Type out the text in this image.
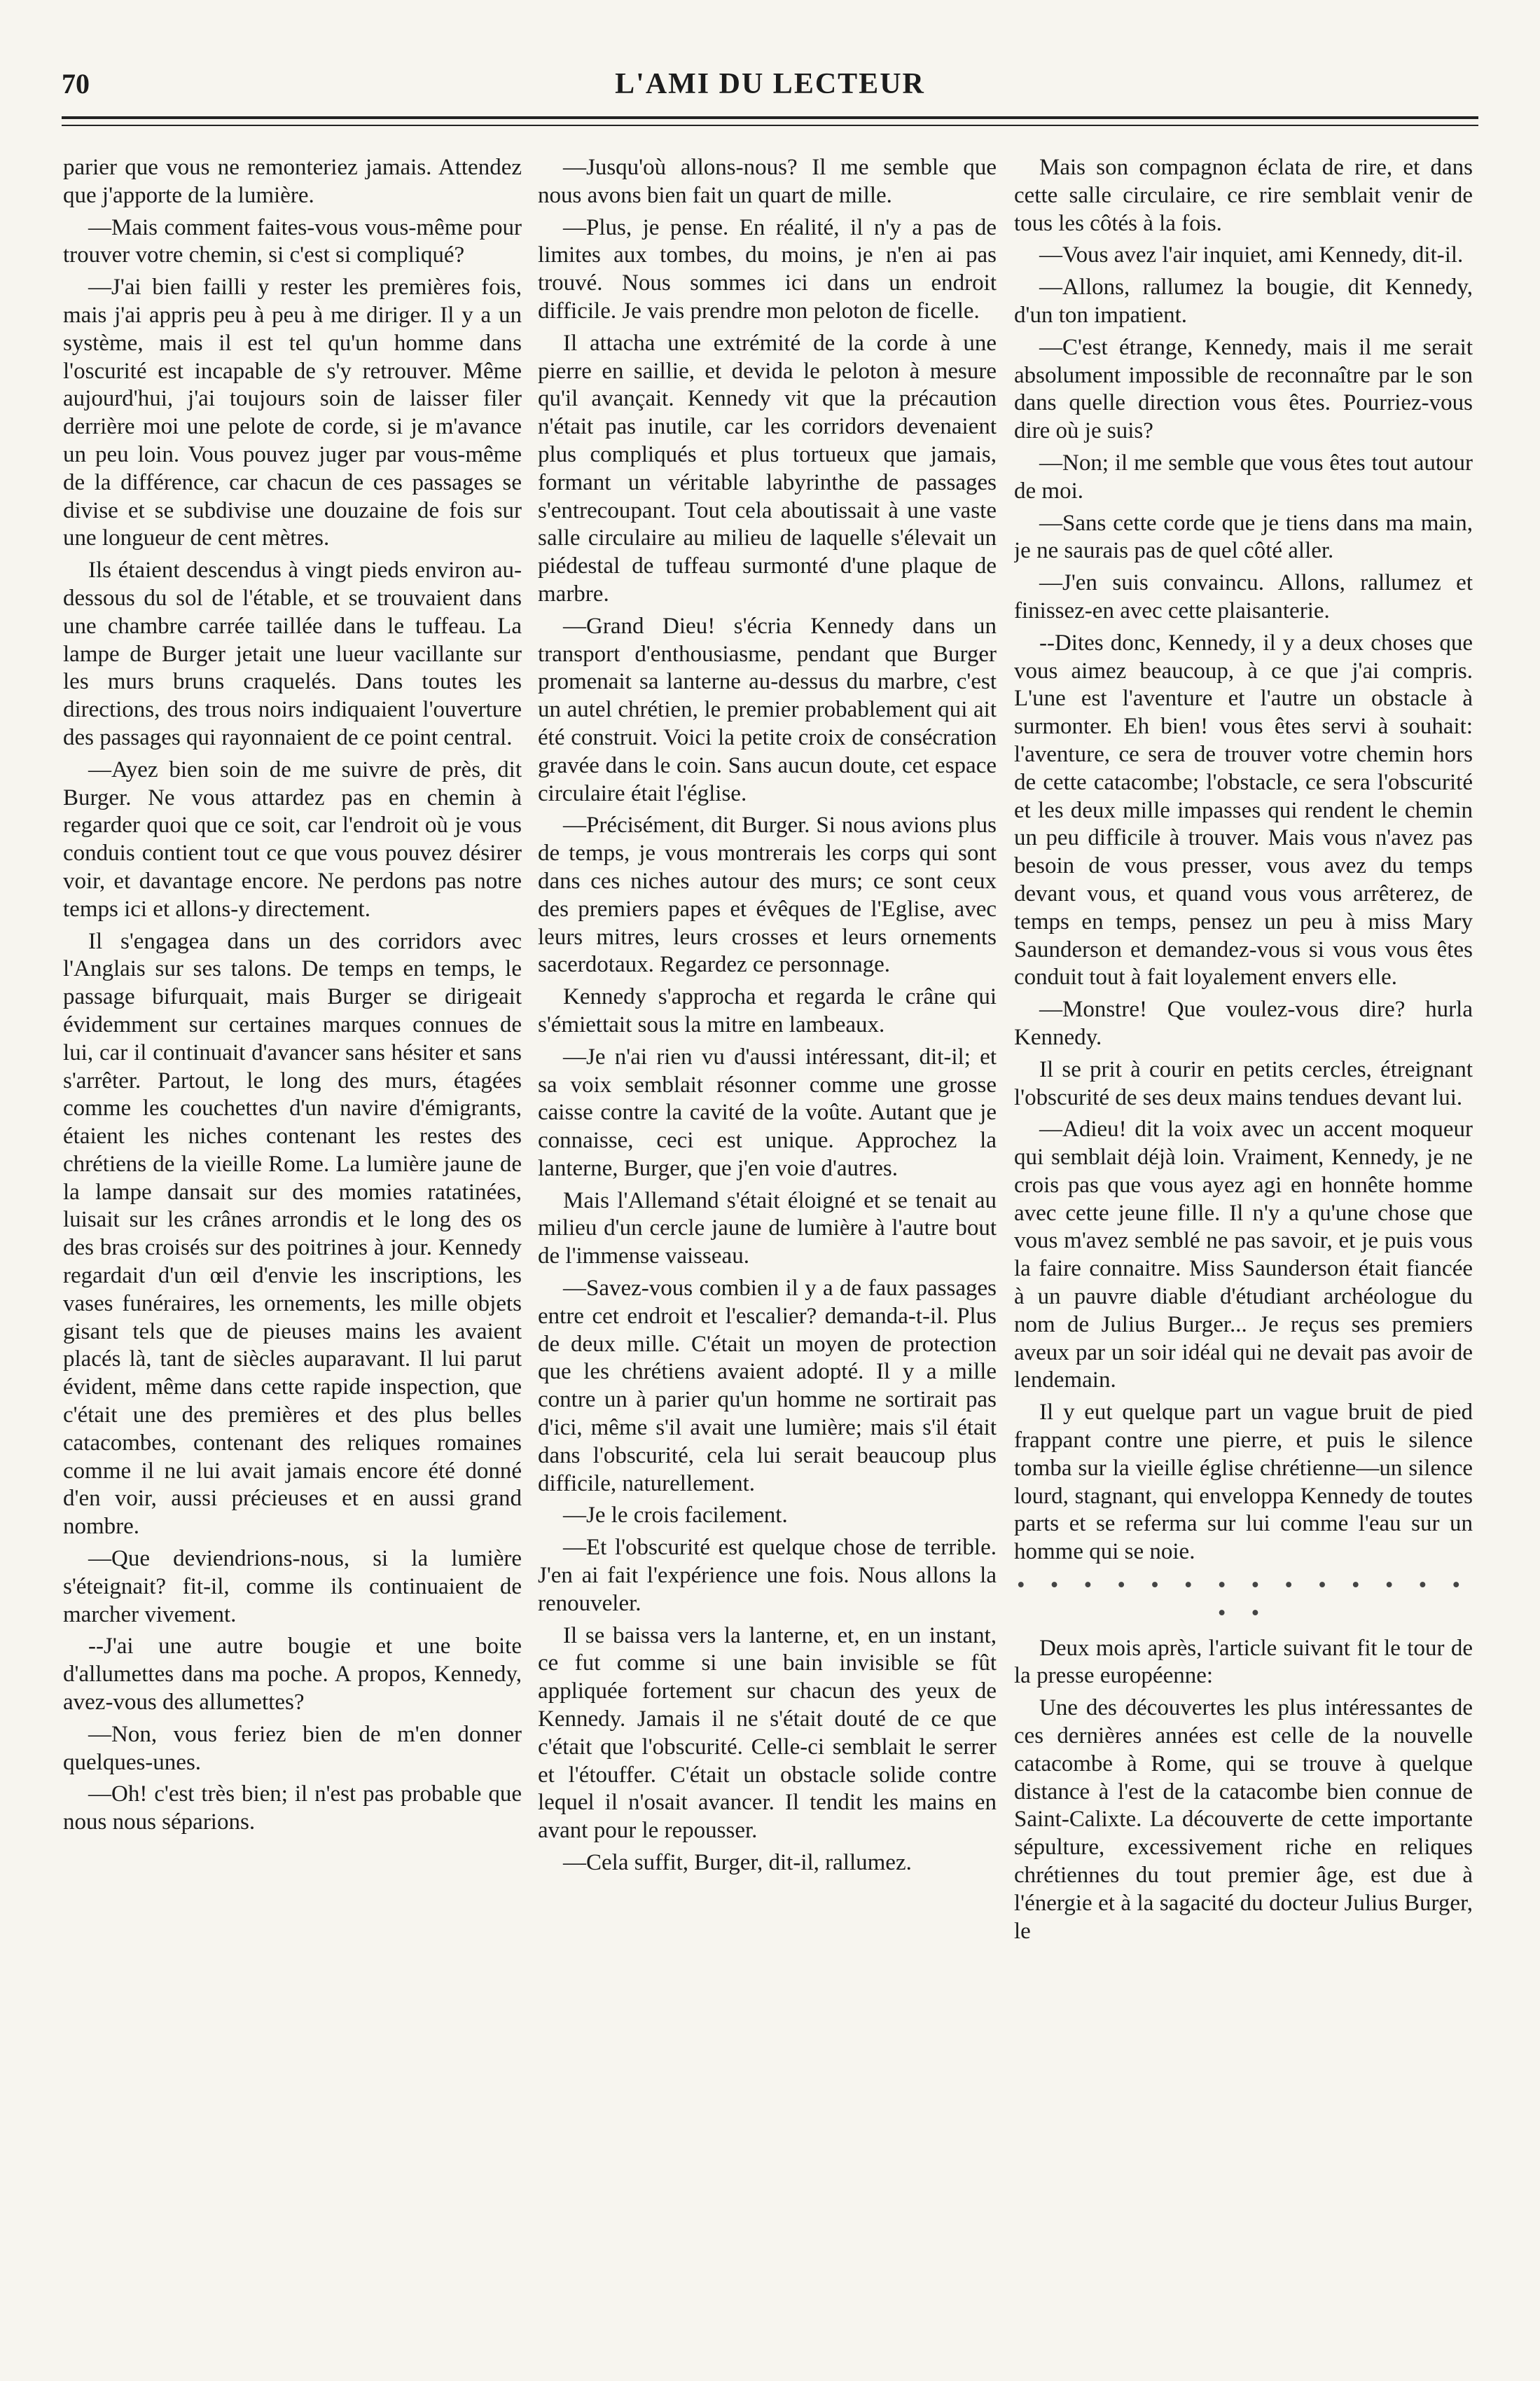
70	L'AMI DU LECTEUR

parier que vous ne remonteriez jamais. Attendez que j'apporte de la lumière.

—Mais comment faites-vous vous-même pour trouver votre chemin, si c'est si compliqué?

—J'ai bien failli y rester les premières fois, mais j'ai appris peu à peu à me diriger. Il y a un système, mais il est tel qu'un homme dans l'oscurité est incapable de s'y retrouver. Même aujourd'hui, j'ai toujours soin de laisser filer derrière moi une pelote de corde, si je m'avance un peu loin. Vous pouvez juger par vous-même de la différence, car chacun de ces passages se divise et se subdivise une douzaine de fois sur une longueur de cent mètres.

Ils étaient descendus à vingt pieds environ au-dessous du sol de l'étable, et se trouvaient dans une chambre carrée taillée dans le tuffeau. La lampe de Burger jetait une lueur vacillante sur les murs bruns craquelés. Dans toutes les directions, des trous noirs indiquaient l'ouverture des passages qui rayonnaient de ce point central.

—Ayez bien soin de me suivre de près, dit Burger. Ne vous attardez pas en chemin à regarder quoi que ce soit, car l'endroit où je vous conduis contient tout ce que vous pouvez désirer voir, et davantage encore. Ne perdons pas notre temps ici et allons-y directement.

Il s'engagea dans un des corridors avec l'Anglais sur ses talons. De temps en temps, le passage bifurquait, mais Burger se dirigeait évidemment sur certaines marques connues de lui, car il continuait d'avancer sans hésiter et sans s'arrêter. Partout, le long des murs, étagées comme les couchettes d'un navire d'émigrants, étaient les niches contenant les restes des chrétiens de la vieille Rome. La lumière jaune de la lampe dansait sur des momies ratatinées, luisait sur les crânes arrondis et le long des os des bras croisés sur des poitrines à jour. Kennedy regardait d'un œil d'envie les inscriptions, les vases funéraires, les ornements, les mille objets gisant tels que de pieuses mains les avaient placés là, tant de siècles auparavant. Il lui parut évident, même dans cette rapide inspection, que c'était une des premières et des plus belles catacombes, contenant des reliques romaines comme il ne lui avait jamais encore été donné d'en voir, aussi précieuses et en aussi grand nombre.

—Que deviendrions-nous, si la lumière s'éteignait? fit-il, comme ils continuaient de marcher vivement.

--J'ai une autre bougie et une boite d'allumettes dans ma poche. A propos, Kennedy, avez-vous des allumettes?

—Non, vous feriez bien de m'en donner quelques-unes.

—Oh! c'est très bien; il n'est pas probable que nous nous séparions.

—Jusqu'où allons-nous? Il me semble que nous avons bien fait un quart de mille.

—Plus, je pense. En réalité, il n'y a pas de limites aux tombes, du moins, je n'en ai pas trouvé. Nous sommes ici dans un endroit difficile. Je vais prendre mon peloton de ficelle.

Il attacha une extrémité de la corde à une pierre en saillie, et devida le peloton à mesure qu'il avançait. Kennedy vit que la précaution n'était pas inutile, car les corridors devenaient plus compliqués et plus tortueux que jamais, formant un véritable labyrinthe de passages s'entrecoupant. Tout cela aboutissait à une vaste salle circulaire au milieu de laquelle s'élevait un piédestal de tuffeau surmonté d'une plaque de marbre.

—Grand Dieu! s'écria Kennedy dans un transport d'enthousiasme, pendant que Burger promenait sa lanterne au-dessus du marbre, c'est un autel chrétien, le premier probablement qui ait été construit. Voici la petite croix de consécration gravée dans le coin. Sans aucun doute, cet espace circulaire était l'église.

—Précisément, dit Burger. Si nous avions plus de temps, je vous montrerais les corps qui sont dans ces niches autour des murs; ce sont ceux des premiers papes et évêques de l'Eglise, avec leurs mitres, leurs crosses et leurs ornements sacerdotaux. Regardez ce personnage.

Kennedy s'approcha et regarda le crâne qui s'émiettait sous la mitre en lambeaux.

—Je n'ai rien vu d'aussi intéressant, dit-il; et sa voix semblait résonner comme une grosse caisse contre la cavité de la voûte. Autant que je connaisse, ceci est unique. Approchez la lanterne, Burger, que j'en voie d'autres.

Mais l'Allemand s'était éloigné et se tenait au milieu d'un cercle jaune de lumière à l'autre bout de l'immense vaisseau.

—Savez-vous combien il y a de faux passages entre cet endroit et l'escalier? demanda-t-il. Plus de deux mille. C'était un moyen de protection que les chrétiens avaient adopté. Il y a mille contre un à parier qu'un homme ne sortirait pas d'ici, même s'il avait une lumière; mais s'il était dans l'obscurité, cela lui serait beaucoup plus difficile, naturellement.

—Je le crois facilement.

—Et l'obscurité est quelque chose de terrible. J'en ai fait l'expérience une fois. Nous allons la renouveler.

Il se baissa vers la lanterne, et, en un instant, ce fut comme si une bain invisible se fût appliquée fortement sur chacun des yeux de Kennedy. Jamais il ne s'était douté de ce que c'était que l'obscurité. Celle-ci semblait le serrer et l'étouffer. C'était un obstacle solide contre lequel il n'osait avancer. Il tendit les mains en avant pour le repousser.

—Cela suffit, Burger, dit-il, rallumez.

Mais son compagnon éclata de rire, et dans cette salle circulaire, ce rire semblait venir de tous les côtés à la fois.

—Vous avez l'air inquiet, ami Kennedy, dit-il.

—Allons, rallumez la bougie, dit Kennedy, d'un ton impatient.

—C'est étrange, Kennedy, mais il me serait absolument impossible de reconnaître par le son dans quelle direction vous êtes. Pourriez-vous dire où je suis?

—Non; il me semble que vous êtes tout autour de moi.

—Sans cette corde que je tiens dans ma main, je ne saurais pas de quel côté aller.

—J'en suis convaincu. Allons, rallumez et finissez-en avec cette plaisanterie.

--Dites donc, Kennedy, il y a deux choses que vous aimez beaucoup, à ce que j'ai compris. L'une est l'aventure et l'autre un obstacle à surmonter. Eh bien! vous êtes servi à souhait: l'aventure, ce sera de trouver votre chemin hors de cette catacombe; l'obstacle, ce sera l'obscurité et les deux mille impasses qui rendent le chemin un peu difficile à trouver. Mais vous n'avez pas besoin de vous presser, vous avez du temps devant vous, et quand vous vous arrêterez, de temps en temps, pensez un peu à miss Mary Saunderson et demandez-vous si vous vous êtes conduit tout à fait loyalement envers elle.

—Monstre! Que voulez-vous dire? hurla Kennedy.

Il se prit à courir en petits cercles, étreignant l'obscurité de ses deux mains tendues devant lui.

—Adieu! dit la voix avec un accent moqueur qui semblait déjà loin. Vraiment, Kennedy, je ne crois pas que vous ayez agi en honnête homme avec cette jeune fille. Il n'y a qu'une chose que vous m'avez semblé ne pas savoir, et je puis vous la faire connaitre. Miss Saunderson était fiancée à un pauvre diable d'étudiant archéologue du nom de Julius Burger... Je reçus ses premiers aveux par un soir idéal qui ne devait pas avoir de lendemain.

Il y eut quelque part un vague bruit de pied frappant contre une pierre, et puis le silence tomba sur la vieille église chrétienne—un silence lourd, stagnant, qui enveloppa Kennedy de toutes parts et se referma sur lui comme l'eau sur un homme qui se noie.

• • • • • • • • • • • • • • • •

Deux mois après, l'article suivant fit le tour de la presse européenne:

Une des découvertes les plus intéressantes de ces dernières années est celle de la nouvelle catacombe à Rome, qui se trouve à quelque distance à l'est de la catacombe bien connue de Saint-Calixte. La découverte de cette importante sépulture, excessivement riche en reliques chrétiennes du tout premier âge, est due à l'énergie et à la sagacité du docteur Julius Burger, le
